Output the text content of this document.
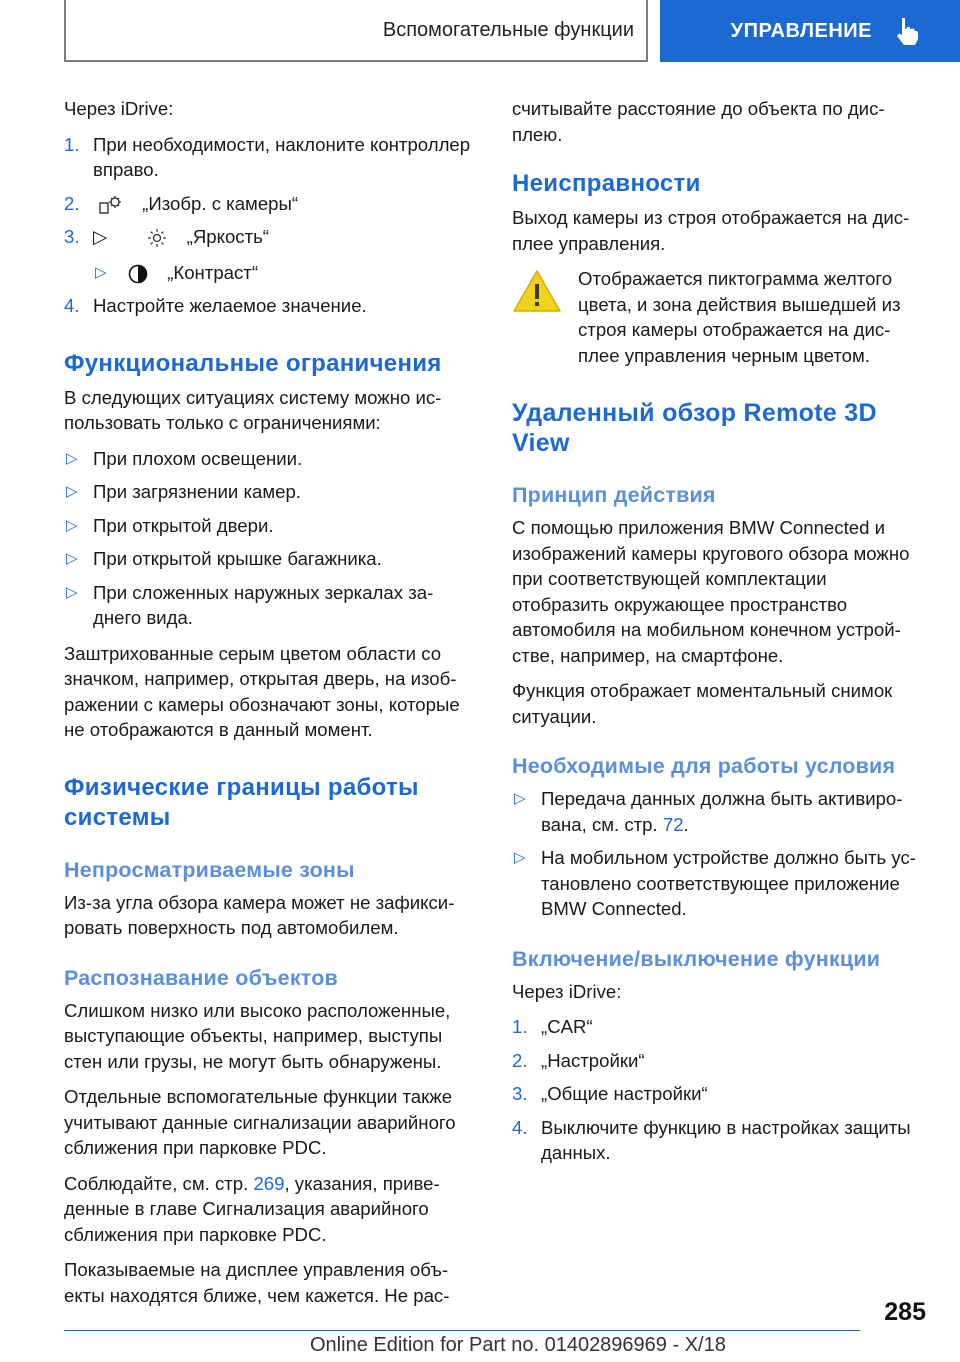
Вспомогательные функции	УПРАВЛЕНИЕ

Через iDrive:

1. При необходимости, наклоните контроллер вправо.
2.	„Изобр. с камеры“
3. ▷	„Яркость“
▷	„Контраст“
4. Настройте желаемое значение.
Функциональные ограничения

В следующих ситуациях систему можно ис‐пользовать только с ограничениями:

▷ При плохом освещении.
▷ При загрязнении камер.
▷ При открытой двери.
▷ При открытой крышке багажника.
▷ При сложенных наружных зеркалах за‐днего вида.

Заштрихованные серым цветом области со значком, например, открытая дверь, на изоб‐ражении с камеры обозначают зоны, которые не отображаются в данный момент.

Физические границы работы системы
Непросматриваемые зоны

Из-за угла обзора камера может не зафикси‐ровать поверхность под автомобилем.

Распознавание объектов

Слишком низко или высоко расположенные, выступающие объекты, например, выступы стен или грузы, не могут быть обнаружены.

Отдельные вспомогательные функции также учитывают данные сигнализации аварийного сближения при парковке PDC.

Соблюдайте, см. стр. 269, указания, приве‐денные в главе Сигнализация аварийного сближения при парковке PDC.

Показываемые на дисплее управления объ‐екты находятся ближе, чем кажется. Не рас‐

считывайте расстояние до объекта по дис‐плею.

Неисправности

Выход камеры из строя отображается на дис‐плее управления.

Отображается пиктограмма желтого цвета, и зона действия вышедшей из строя камеры отображается на дис‐плее управления черным цветом.

Удаленный обзор Remote 3D View
Принцип действия

С помощью приложения BMW Connected и изображений камеры кругового обзора можно при соответствующей комплектации отобразить окружающее пространство автомобиля на мобильном конечном устрой‐стве, например, на смартфоне.

Функция отображает моментальный снимок ситуации.

Необходимые для работы условия
▷ Передача данных должна быть активиро‐вана, см. стр. 72.
▷ На мобильном устройстве должно быть ус‐тановлено соответствующее приложение BMW Connected.
Включение/выключение функции

Через iDrive:

1. „CAR“
2. „Настройки“
3. „Общие настройки“
4. Выключите функцию в настройках защиты данных.
285
Online Edition for Part no. 01402896969 - X/18
